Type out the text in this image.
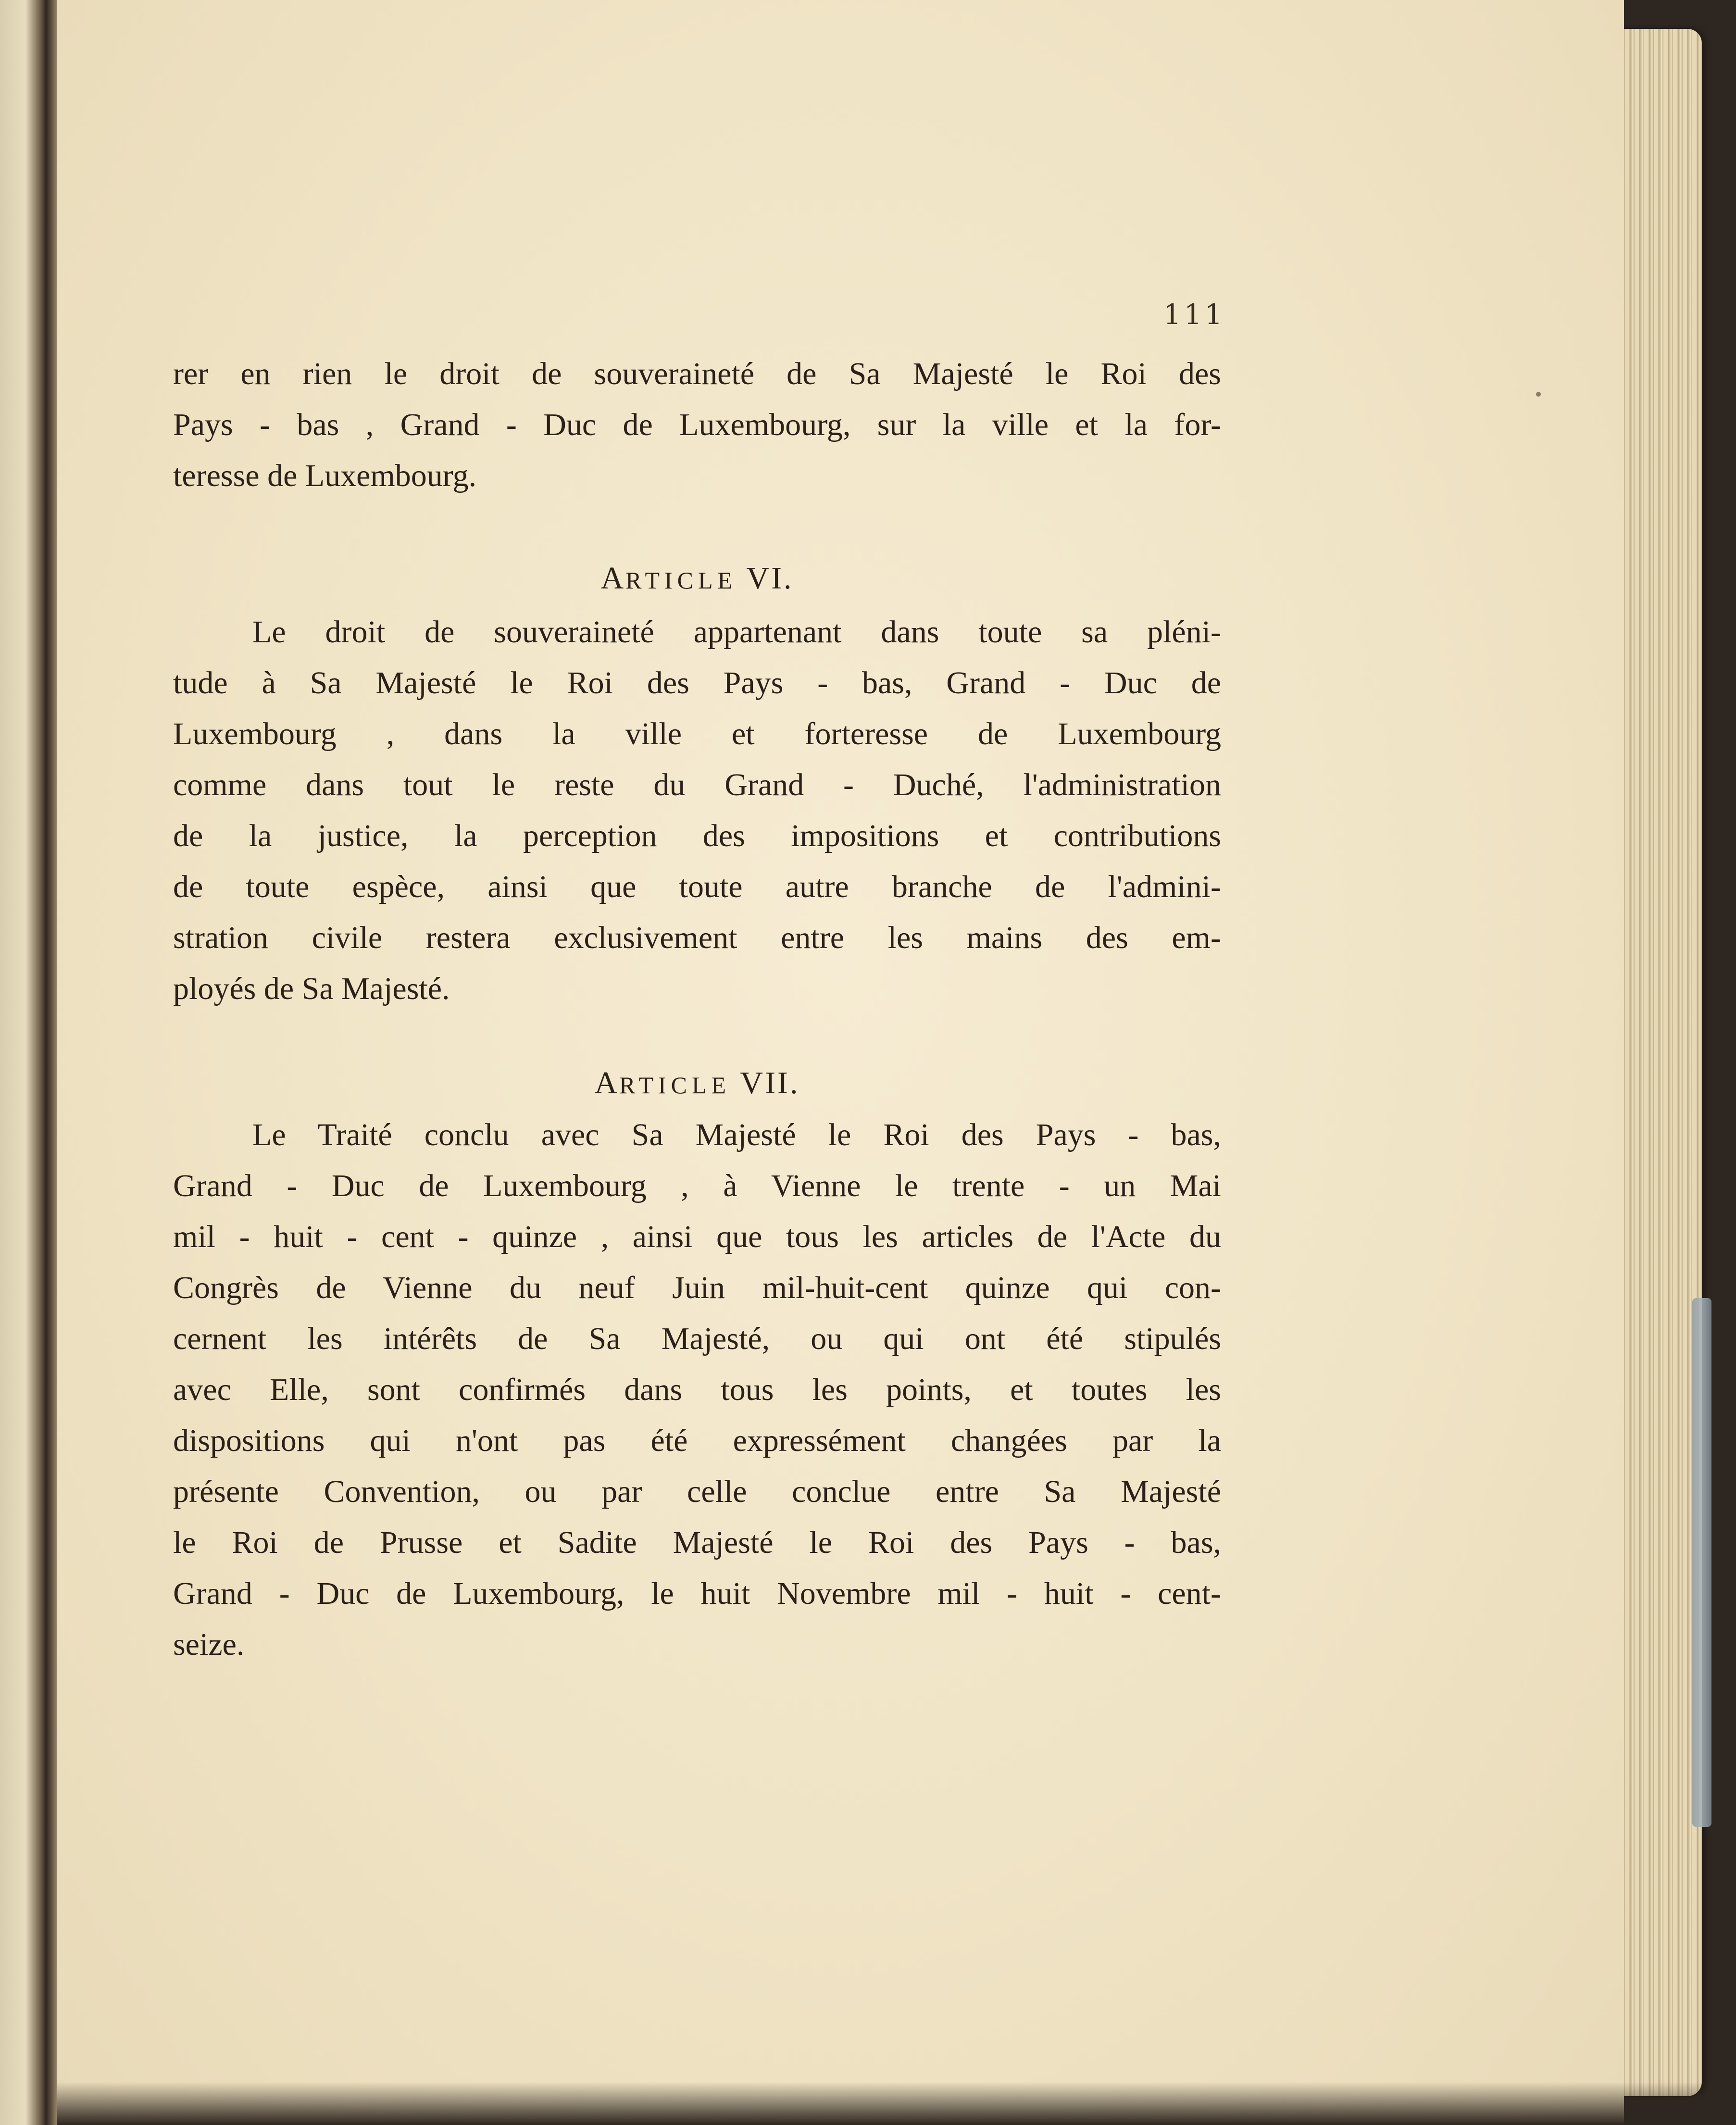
111
rer en rien le droit de souveraineté de Sa Majesté le Roi des
Pays - bas , Grand - Duc de Luxembourg, sur la ville et la for-
teresse de Luxembourg.
ARTICLE VI.
Le droit de souveraineté appartenant dans toute sa pléni-
tude à Sa Majesté le Roi des Pays - bas, Grand - Duc de
Luxembourg , dans la ville et forteresse de Luxembourg
comme dans tout le reste du Grand - Duché, l'administration
de la justice, la perception des impositions et contributions
de toute espèce, ainsi que toute autre branche de l'admini-
stration civile restera exclusivement entre les mains des em-
ployés de Sa Majesté.
ARTICLE VII.
Le Traité conclu avec Sa Majesté le Roi des Pays - bas,
Grand - Duc de Luxembourg , à Vienne le trente - un Mai
mil - huit - cent - quinze , ainsi que tous les articles de l'Acte du
Congrès de Vienne du neuf Juin mil-huit-cent quinze qui con-
cernent les intérêts de Sa Majesté, ou qui ont été stipulés
avec Elle, sont confirmés dans tous les points, et toutes les
dispositions qui n'ont pas été expressément changées par la
présente Convention, ou par celle conclue entre Sa Majesté
le Roi de Prusse et Sadite Majesté le Roi des Pays - bas,
Grand - Duc de Luxembourg, le huit Novembre mil - huit - cent-
seize.
